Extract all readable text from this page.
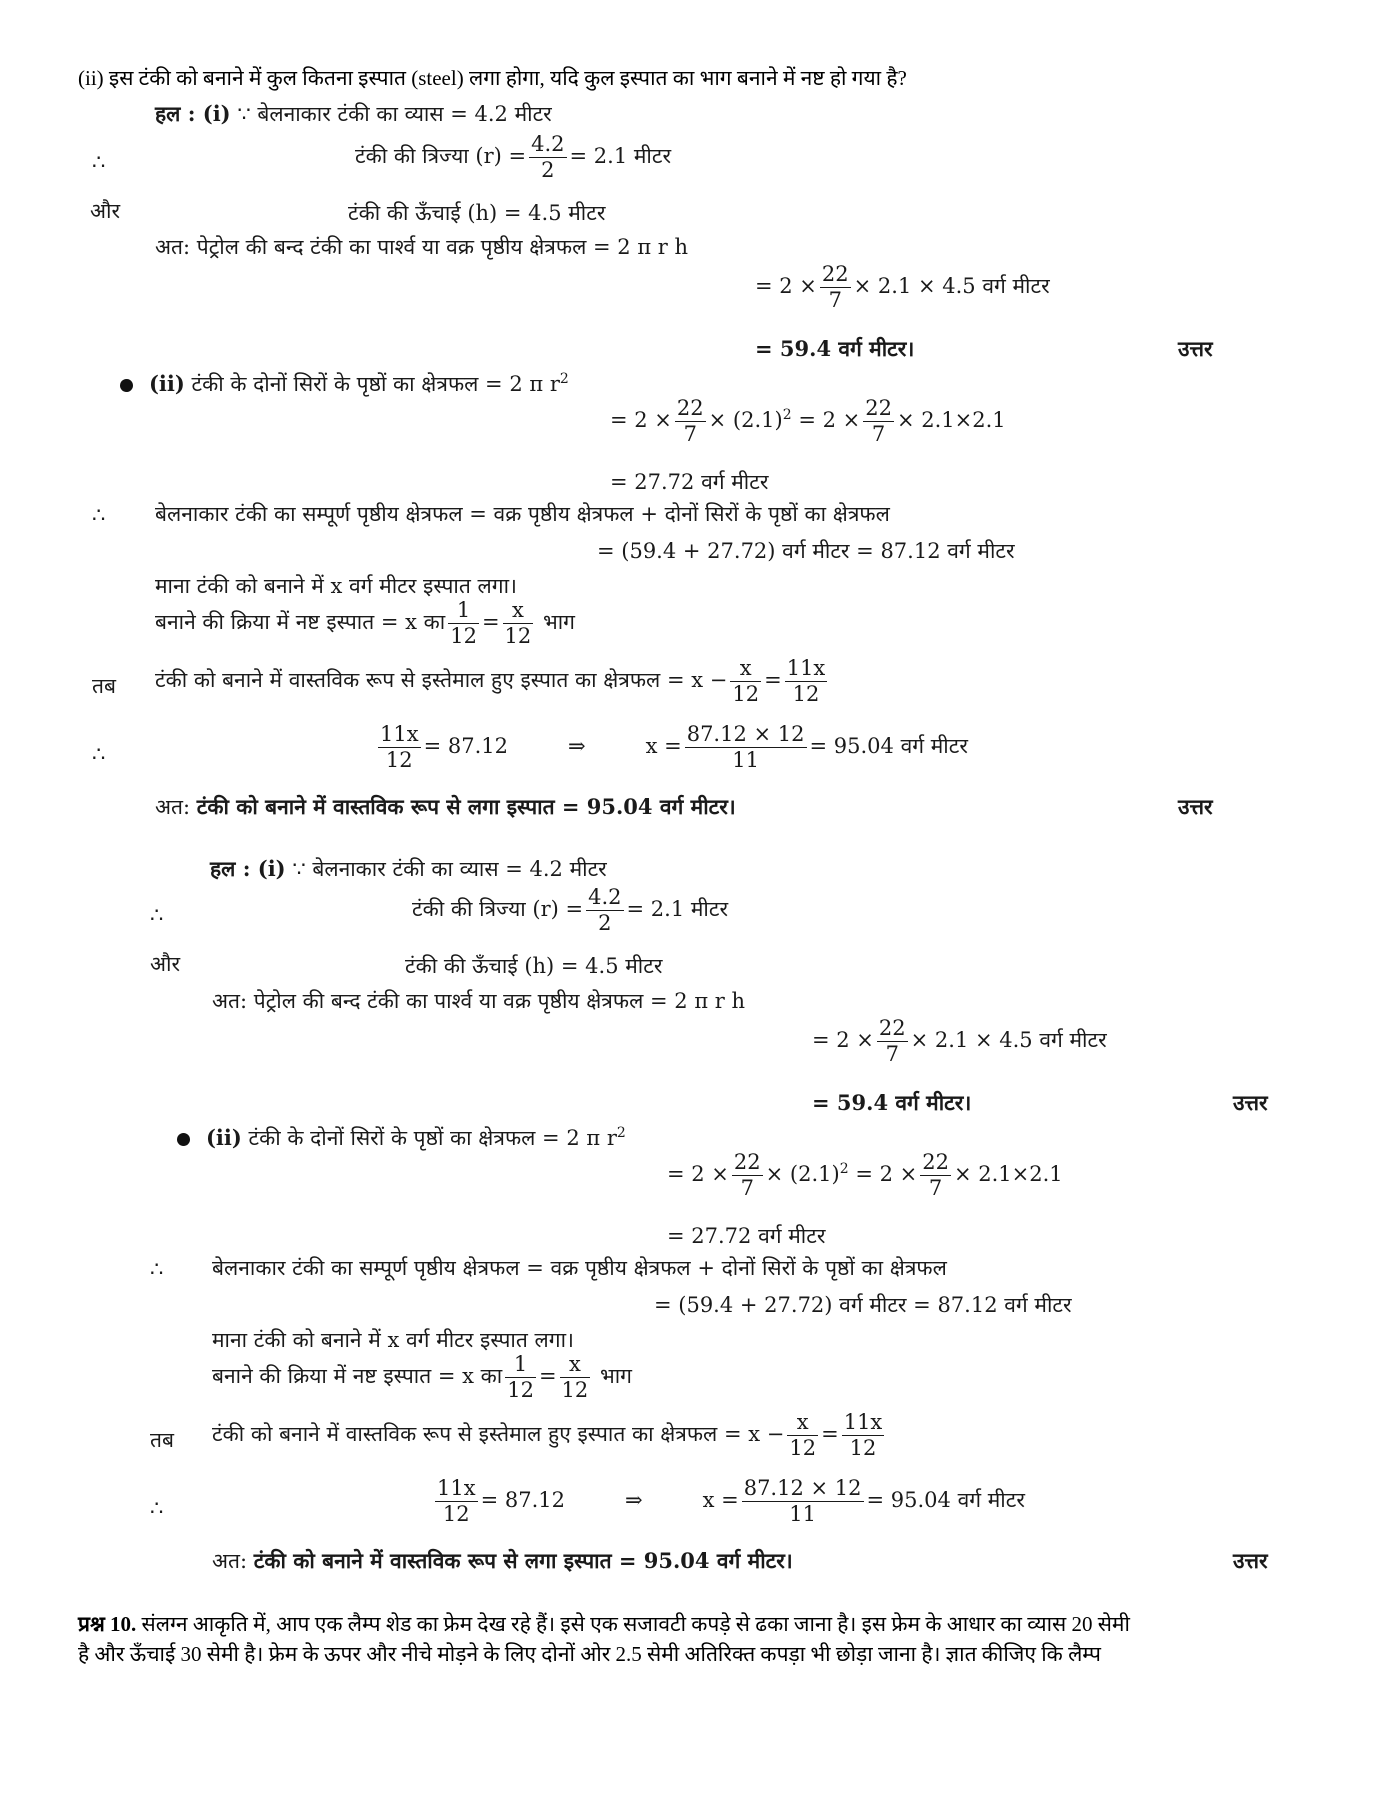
(ii) इस टंकी को बनाने में कुल कितना इस्पात (steel) लगा होगा, यदि कुल इस्पात का भाग बनाने में नष्ट हो गया है?
हल : (i) ∵ बेलनाकार टंकी का व्यास = 4.2 मीटर
∴	टंकी की त्रिज्या $(r) = \frac{4.2}{2} = 2.1$ मीटर
और	टंकी की ऊँचाई (h) = 4.5 मीटर
अत: पेट्रोल की बन्द टंकी का पार्श्व या वक्र पृष्ठीय क्षेत्रफल = 2 π r h
= $2 \times \frac{22}{7} \times 2.1 \times 4.5$ वर्ग मीटर
= 59.4 वर्ग मीटर।	उत्तर
(ii) टंकी के दोनों सिरों के पृष्ठों का क्षेत्रफल = 2 π $r^2$
= $2 \times \frac{22}{7} \times (2.1)^2 = 2 \times \frac{22}{7} \times 2.1\times 2.1$
= 27.72 वर्ग मीटर
∴ बेलनाकार टंकी का सम्पूर्ण पृष्ठीय क्षेत्रफल = वक्र पृष्ठीय क्षेत्रफल + दोनों सिरों के पृष्ठों का क्षेत्रफल
= (59.4 + 27.72) वर्ग मीटर = 87.12 वर्ग मीटर
माना टंकी को बनाने में x वर्ग मीटर इस्पात लगा।
बनाने की क्रिया में नष्ट इस्पात = x का $\frac{1}{12} = \frac{x}{12}$ भाग
तब टंकी को बनाने में वास्तविक रूप से इस्तेमाल हुए इस्पात का क्षेत्रफल = $x - \frac{x}{12} = \frac{11x}{12}$
∴	$\frac{11x}{12} = 87.12$	⇒	$x = \frac{87.12 \times 12}{11} = 95.04$ वर्ग मीटर
अत: टंकी को बनाने में वास्तविक रूप से लगा इस्पात = 95.04 वर्ग मीटर।	उत्तर
हल : (i) ∵ बेलनाकार टंकी का व्यास = 4.2 मीटर
∴	टंकी की त्रिज्या $(r) = \frac{4.2}{2} = 2.1$ मीटर
और	टंकी की ऊँचाई (h) = 4.5 मीटर
अत: पेट्रोल की बन्द टंकी का पार्श्व या वक्र पृष्ठीय क्षेत्रफल = 2 π r h
= $2 \times \frac{22}{7} \times 2.1 \times 4.5$ वर्ग मीटर
= 59.4 वर्ग मीटर।	उत्तर
(ii) टंकी के दोनों सिरों के पृष्ठों का क्षेत्रफल = 2 π $r^2$
= $2 \times \frac{22}{7} \times (2.1)^2 = 2 \times \frac{22}{7} \times 2.1\times 2.1$
= 27.72 वर्ग मीटर
∴ बेलनाकार टंकी का सम्पूर्ण पृष्ठीय क्षेत्रफल = वक्र पृष्ठीय क्षेत्रफल + दोनों सिरों के पृष्ठों का क्षेत्रफल
= (59.4 + 27.72) वर्ग मीटर = 87.12 वर्ग मीटर
माना टंकी को बनाने में x वर्ग मीटर इस्पात लगा।
बनाने की क्रिया में नष्ट इस्पात = x का $\frac{1}{12} = \frac{x}{12}$ भाग
तब टंकी को बनाने में वास्तविक रूप से इस्तेमाल हुए इस्पात का क्षेत्रफल = $x - \frac{x}{12} = \frac{11x}{12}$
∴	$\frac{11x}{12} = 87.12$	⇒	$x = \frac{87.12 \times 12}{11} = 95.04$ वर्ग मीटर
अत: टंकी को बनाने में वास्तविक रूप से लगा इस्पात = 95.04 वर्ग मीटर।	उत्तर
प्रश्न 10. संलग्न आकृति में, आप एक लैम्प शेड का फ्रेम देख रहे हैं। इसे एक सजावटी कपड़े से ढका जाना है। इस फ्रेम के आधार का व्यास 20 सेमी
है और ऊँचाई 30 सेमी है। फ्रेम के ऊपर और नीचे मोड़ने के लिए दोनों ओर 2.5 सेमी अतिरिक्त कपड़ा भी छोड़ा जाना है। ज्ञात कीजिए कि लैम्प
